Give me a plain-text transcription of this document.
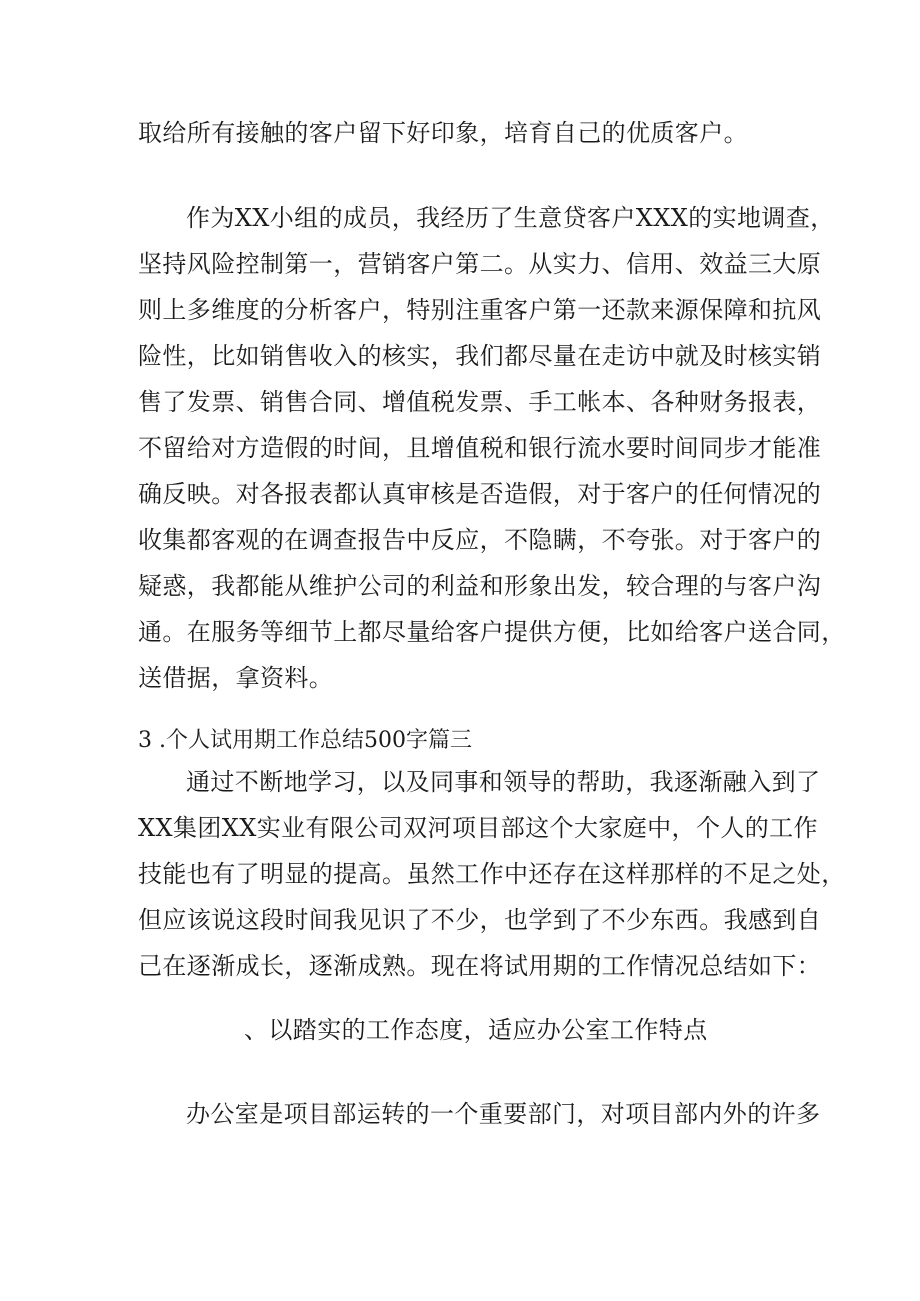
取给所有接触的客户留下好印象，培育自己的优质客户。
作为XX小组的成员，我经历了生意贷客户XXX的实地调查，
坚持风险控制第一，营销客户第二。从实力、信用、效益三大原
则上多维度的分析客户，特别注重客户第一还款来源保障和抗风
险性，比如销售收入的核实，我们都尽量在走访中就及时核实销
售了发票、销售合同、增值税发票、手工帐本、各种财务报表，
不留给对方造假的时间，且增值税和银行流水要时间同步才能准
确反映。对各报表都认真审核是否造假，对于客户的任何情况的
收集都客观的在调查报告中反应，不隐瞒，不夸张。对于客户的
疑惑，我都能从维护公司的利益和形象出发，较合理的与客户沟
通。在服务等细节上都尽量给客户提供方便，比如给客户送合同，
送借据，拿资料。
3 .个人试用期工作总结500字篇三
通过不断地学习，以及同事和领导的帮助，我逐渐融入到了
XX集团XX实业有限公司双河项目部这个大家庭中，个人的工作
技能也有了明显的提高。虽然工作中还存在这样那样的不足之处，
但应该说这段时间我见识了不少，也学到了不少东西。我感到自
己在逐渐成长，逐渐成熟。现在将试用期的工作情况总结如下：
、以踏实的工作态度，适应办公室工作特点
办公室是项目部运转的一个重要部门，对项目部内外的许多
